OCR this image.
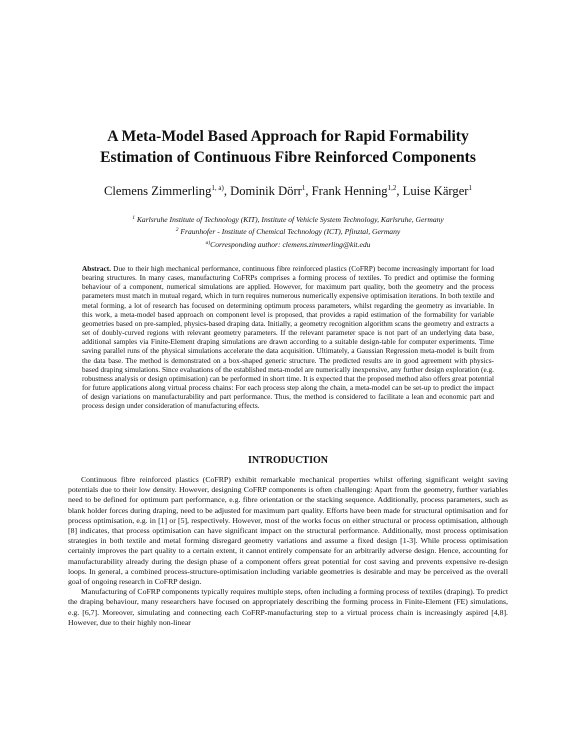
A Meta-Model Based Approach for Rapid Formability
Estimation of Continuous Fibre Reinforced Components
Clemens Zimmerling$^{1, a)}$, Dominik Dörr$^1$, Frank Henning$^{1,2}$, Luise Kärger$^1$
$^1$ Karlsruhe Institute of Technology (KIT), Institute of Vehicle System Technology, Karlsruhe, Germany
$^2$ Fraunhofer - Institute of Chemical Technology (ICT), Pfinztal, Germany
$^{a)}$Corresponding author: clemens.zimmerling@kit.edu
Abstract. Due to their high mechanical performance, continuous fibre reinforced plastics (CoFRP) become increasingly important for load bearing structures. In many cases, manufacturing CoFRPs comprises a forming process of textiles. To predict and optimise the forming behaviour of a component, numerical simulations are applied. However, for maximum part quality, both the geometry and the process parameters must match in mutual regard, which in turn requires numerous numerically expensive optimisation iterations. In both textile and metal forming, a lot of research has focused on determining optimum process parameters, whilst regarding the geometry as invariable. In this work, a meta-model based approach on component level is proposed, that provides a rapid estimation of the formability for variable geometries based on pre-sampled, physics-based draping data. Initially, a geometry recognition algorithm scans the geometry and extracts a set of doubly-curved regions with relevant geometry parameters. If the relevant parameter space is not part of an underlying data base, additional samples via Finite-Element draping simulations are drawn according to a suitable design-table for computer experiments. Time saving parallel runs of the physical simulations accelerate the data acquisition. Ultimately, a Gaussian Regression meta-model is built from the data base. The method is demonstrated on a box-shaped generic structure. The predicted results are in good agreement with physics-based draping simulations. Since evaluations of the established meta-model are numerically inexpensive, any further design exploration (e.g. robustness analysis or design optimisation) can be performed in short time. It is expected that the proposed method also offers great potential for future applications along virtual process chains: For each process step along the chain, a meta-model can be set-up to predict the impact of design variations on manufacturability and part performance. Thus, the method is considered to facilitate a lean and economic part and process design under consideration of manufacturing effects.
INTRODUCTION

Continuous fibre reinforced plastics (CoFRP) exhibit remarkable mechanical properties whilst offering significant weight saving potentials due to their low density. However, designing CoFRP components is often challenging: Apart from the geometry, further variables need to be defined for optimum part performance, e.g. fibre orientation or the stacking sequence. Additionally, process parameters, such as blank holder forces during draping, need to be adjusted for maximum part quality. Efforts have been made for structural optimisation and for process optimisation, e.g. in [1] or [5], respectively. However, most of the works focus on either structural or process optimisation, although [8] indicates, that process optimisation can have significant impact on the structural performance. Additionally, most process optimisation strategies in both textile and metal forming disregard geometry variations and assume a fixed design [1-3]. While process optimisation certainly improves the part quality to a certain extent, it cannot entirely compensate for an arbitrarily adverse design. Hence, accounting for manufacturability already during the design phase of a component offers great potential for cost saving and prevents expensive re-design loops. In general, a combined process-structure-optimisation including variable geometries is desirable and may be perceived as the overall goal of ongoing research in CoFRP design.

Manufacturing of CoFRP components typically requires multiple steps, often including a forming process of textiles (draping). To predict the draping behaviour, many researchers have focused on appropriately describing the forming process in Finite-Element (FE) simulations, e.g. [6,7]. Moreover, simulating and connecting each CoFRP-manufacturing step to a virtual process chain is increasingly aspired [4,8]. However, due to their highly non-linear
